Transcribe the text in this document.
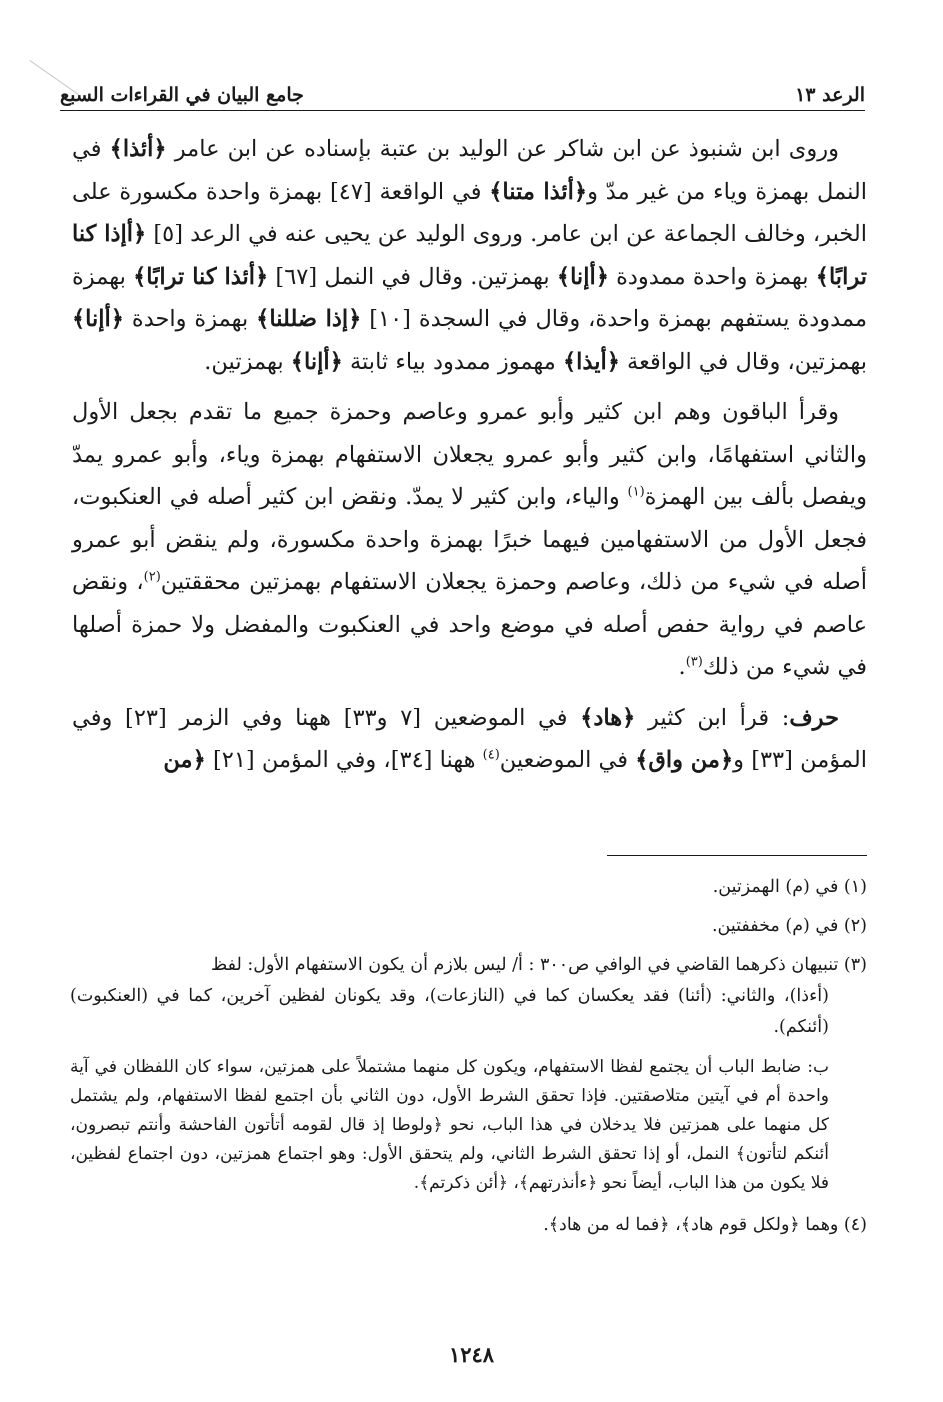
الرعد ١٣
جامع البيان في القراءات السبع

وروى ابن شنبوذ عن ابن شاكر عن الوليد بن عتبة بإسناده عن ابن عامر ﴿أئذا﴾ في النمل بهمزة وياء من غير مدّ و﴿أئذا متنا﴾ في الواقعة [٤٧] بهمزة واحدة مكسورة على الخبر، وخالف الجماعة عن ابن عامر. وروى الوليد عن يحيى عنه في الرعد [٥] ﴿أإذا كنا ترابًا﴾ بهمزة واحدة ممدودة ﴿أإنا﴾ بهمزتين. وقال في النمل [٦٧] ﴿أئذا كنا ترابًا﴾ بهمزة ممدودة يستفهم بهمزة واحدة، وقال في السجدة [١٠] ﴿إذا ضللنا﴾ بهمزة واحدة ﴿أإنا﴾ بهمزتين، وقال في الواقعة ﴿أيذا﴾ مهموز ممدود بياء ثابتة ﴿أإنا﴾ بهمزتين.

وقرأ الباقون وهم ابن كثير وأبو عمرو وعاصم وحمزة جميع ما تقدم بجعل الأول والثاني استفهامًا، وابن كثير وأبو عمرو يجعلان الاستفهام بهمزة وياء، وأبو عمرو يمدّ ويفصل بألف بين الهمزة$^{(١)}$ والياء، وابن كثير لا يمدّ. ونقض ابن كثير أصله في العنكبوت، فجعل الأول من الاستفهامين فيهما خبرًا بهمزة واحدة مكسورة، ولم ينقض أبو عمرو أصله في شيء من ذلك، وعاصم وحمزة يجعلان الاستفهام بهمزتين محققتين$^{(٢)}$، ونقض عاصم في رواية حفص أصله في موضع واحد في العنكبوت والمفضل ولا حمزة أصلها في شيء من ذلك$^{(٣)}$.

حرف: قرأ ابن كثير ﴿هاد﴾ في الموضعين [٧ و٣٣] ههنا وفي الزمر [٢٣] وفي المؤمن [٣٣] و﴿من واق﴾ في الموضعين$^{(٤)}$ ههنا [٣٤]، وفي المؤمن [٢١] ﴿من

(١) في (م) الهمزتين.
(٢) في (م) مخففتين.
(٣) تنبيهان ذكرهما القاضي في الوافي ص٣٠٠ : أ/ ليس بلازم أن يكون الاستفهام الأول: لفظ
(أءذا)، والثاني: (أئنا) فقد يعكسان كما في (النازعات)، وقد يكونان لفظين آخرين، كما في (العنكبوت) (أئنكم).
ب: ضابط الباب أن يجتمع لفظا الاستفهام، ويكون كل منهما مشتملاً على همزتين، سواء كان اللفظان في آية واحدة أم في آيتين متلاصقتين. فإذا تحقق الشرط الأول، دون الثاني بأن اجتمع لفظا الاستفهام، ولم يشتمل كل منهما على همزتين فلا يدخلان في هذا الباب، نحو ﴿ولوطا إذ قال لقومه أتأتون الفاحشة وأنتم تبصرون، أئنكم لتأتون﴾ النمل، أو إذا تحقق الشرط الثاني، ولم يتحقق الأول: وهو اجتماع همزتين، دون اجتماع لفظين، فلا يكون من هذا الباب، أيضاً نحو ﴿ءأنذرتهم﴾، ﴿أئن ذكرتم﴾.
(٤) وهما ﴿ولكل قوم هاد﴾، ﴿فما له من هاد﴾.
١٢٤٨
